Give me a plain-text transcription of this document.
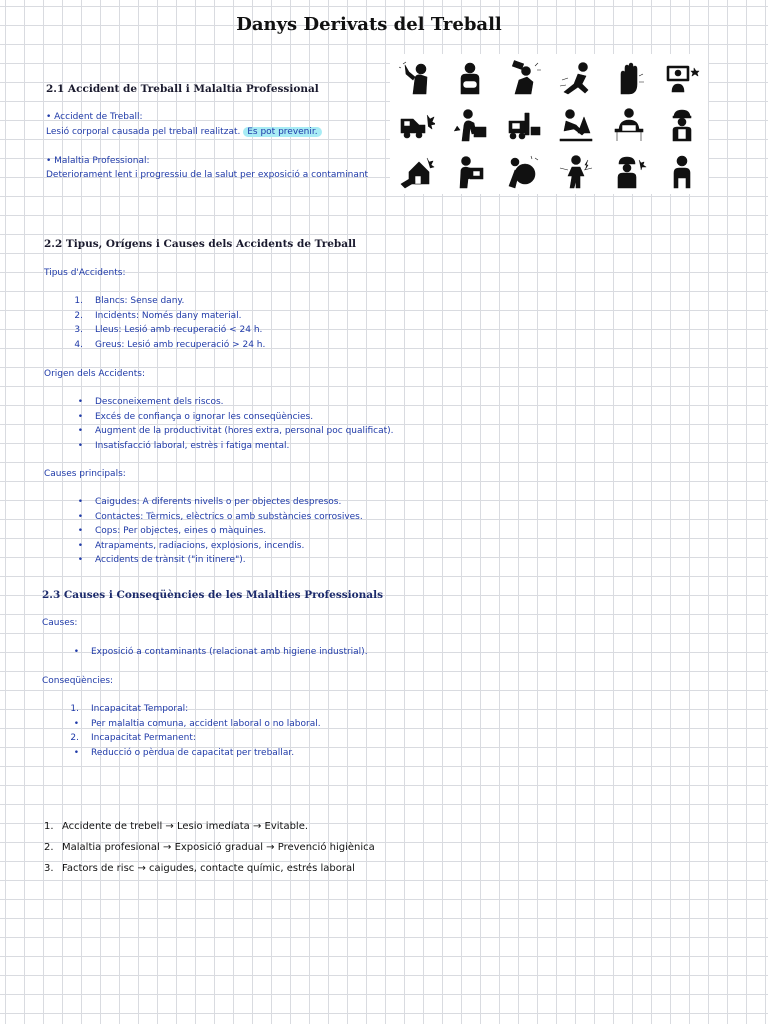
Danys Derivats del Treball
2.1 Accident de Treball i Malaltia Professional
• Accident de Treball:
Lesió corporal causada pel treball realitzat. Es pot prevenir.
• Malaltia Professional:
Deteriorament lent i progressiu de la salut per exposició a contaminant
2.2 Tipus, Orígens i Causes dels Accidents de Treball
Tipus d'Accidents:
1. Blancs: Sense dany.
2. Incidents: Només dany material.
3. Lleus: Lesió amb recuperació < 24 h.
4. Greus: Lesió amb recuperació > 24 h.
Origen dels Accidents:
• Desconeixement dels riscos.
• Excés de confiança o ignorar les conseqüències.
• Augment de la productivitat (hores extra, personal poc qualificat).
• Insatisfacció laboral, estrès i fatiga mental.
Causes principals:
• Caigudes: A diferents nivells o per objectes despresos.
• Contactes: Tèrmics, elèctrics o amb substàncies corrosives.
• Cops: Per objectes, eines o màquines.
• Atrapaments, radiacions, explosions, incendis.
• Accidents de trànsit ("in itinere").
2.3 Causes i Conseqüències de les Malalties Professionals
Causes:
• Exposició a contaminants (relacionat amb higiene industrial).
Conseqüències:
1. Incapacitat Temporal:
• Per malaltia comuna, accident laboral o no laboral.
2. Incapacitat Permanent:
• Reducció o pèrdua de capacitat per treballar.
1. Accidente de trebell → Lesio imediata → Evitable.
2. Malaltia profesional → Exposició gradual → Prevenció higiènica
3. Factors de risc → caigudes, contacte químic, estrés laboral
